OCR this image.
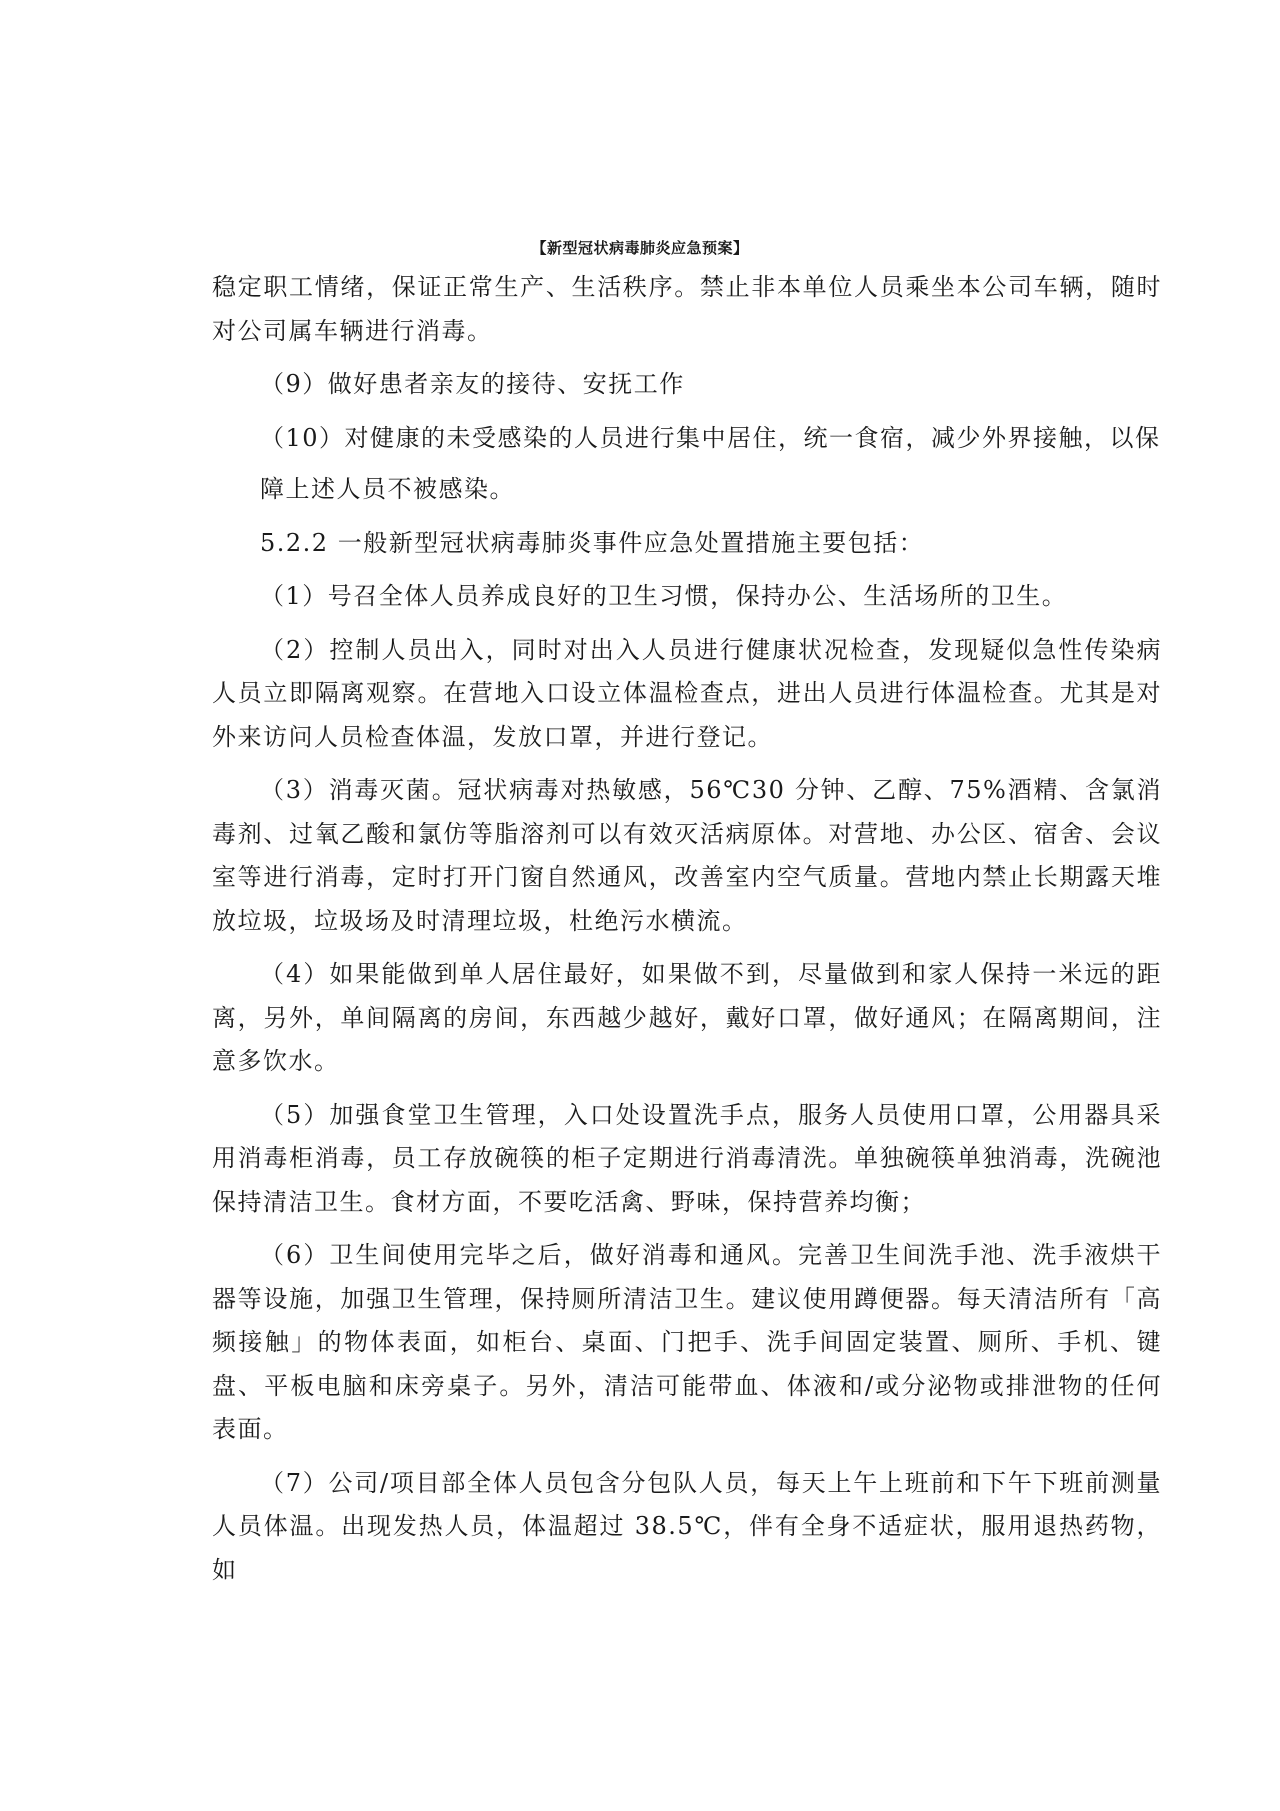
【新型冠状病毒肺炎应急预案】

稳定职工情绪，保证正常生产、生活秩序。禁止非本单位人员乘坐本公司车辆，随时对公司属车辆进行消毒。

（9）做好患者亲友的接待、安抚工作

（10）对健康的未受感染的人员进行集中居住，统一食宿，减少外界接触，以保

障上述人员不被感染。

5.2.2 一般新型冠状病毒肺炎事件应急处置措施主要包括：

（1）号召全体人员养成良好的卫生习惯，保持办公、生活场所的卫生。

（2）控制人员出入，同时对出入人员进行健康状况检查，发现疑似急性传染病人员立即隔离观察。在营地入口设立体温检查点，进出人员进行体温检查。尤其是对外来访问人员检查体温，发放口罩，并进行登记。

（3）消毒灭菌。冠状病毒对热敏感，56℃30 分钟、乙醇、75%酒精、含氯消毒剂、过氧乙酸和氯仿等脂溶剂可以有效灭活病原体。对营地、办公区、宿舍、会议室等进行消毒，定时打开门窗自然通风，改善室内空气质量。营地内禁止长期露天堆放垃圾，垃圾场及时清理垃圾，杜绝污水横流。

（4）如果能做到单人居住最好，如果做不到，尽量做到和家人保持一米远的距离，另外，单间隔离的房间，东西越少越好，戴好口罩，做好通风；在隔离期间，注意多饮水。

（5）加强食堂卫生管理，入口处设置洗手点，服务人员使用口罩，公用器具采用消毒柜消毒，员工存放碗筷的柜子定期进行消毒清洗。单独碗筷单独消毒，洗碗池保持清洁卫生。食材方面，不要吃活禽、野味，保持营养均衡；

（6）卫生间使用完毕之后，做好消毒和通风。完善卫生间洗手池、洗手液烘干器等设施，加强卫生管理，保持厕所清洁卫生。建议使用蹲便器。每天清洁所有「高频接触」的物体表面，如柜台、桌面、门把手、洗手间固定装置、厕所、手机、键盘、平板电脑和床旁桌子。另外，清洁可能带血、体液和/或分泌物或排泄物的任何表面。

（7）公司/项目部全体人员包含分包队人员，每天上午上班前和下午下班前测量人员体温。出现发热人员，体温超过 38.5℃，伴有全身不适症状，服用退热药物，如
